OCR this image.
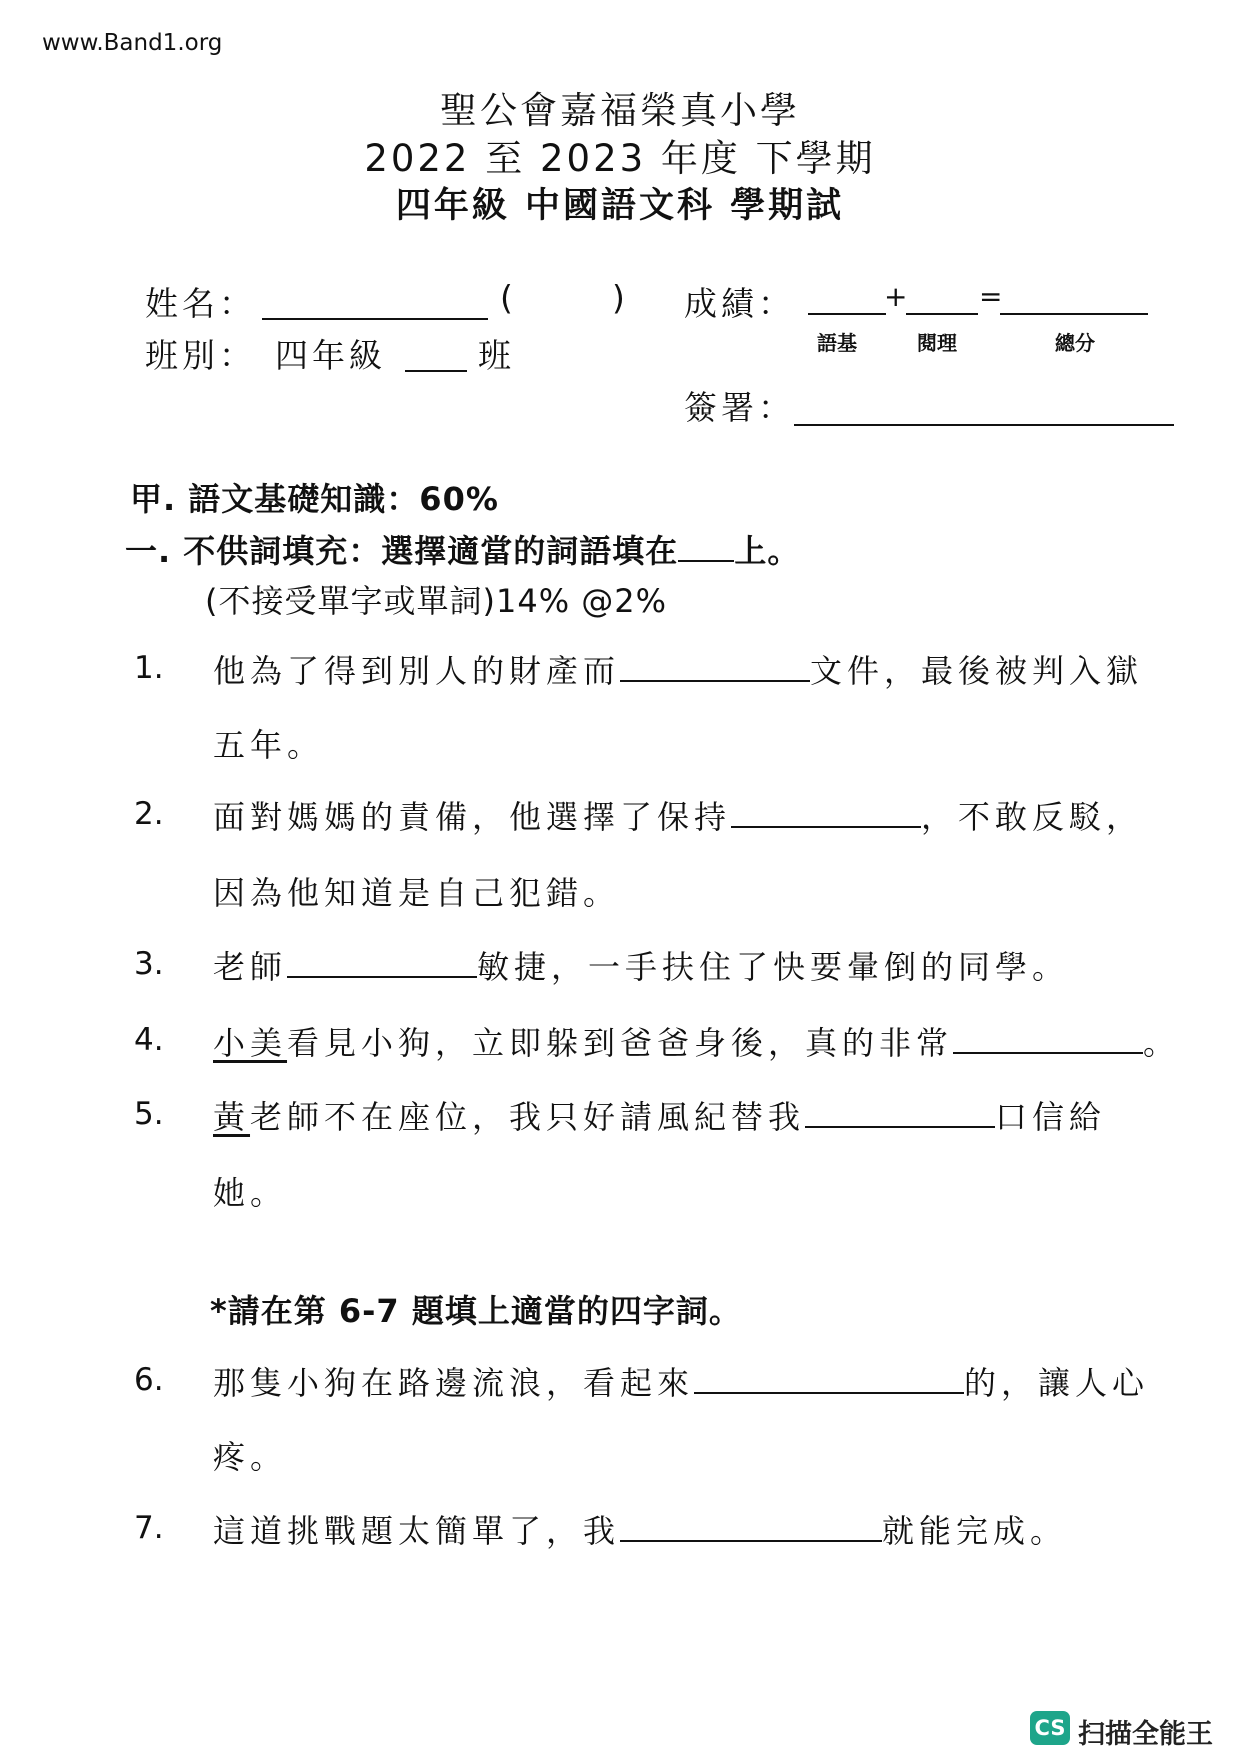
www.Band1.org
聖公會嘉福榮真小學
2022 至 2023 年度 下學期
四年級 中國語文科 學期試
姓名：	(	) 成績：	+	=
語基	閱理	總分
班別： 四年級	班
簽署：
甲. 語文基礎知識：60%
一. 不供詞填充：選擇適當的詞語填在 上。
(不接受單字或單詞)14% @2%
1. 他為了得到別人的財產而	文件，最後被判入獄
五年。
2. 面對媽媽的責備，他選擇了保持	，不敢反駁，
因為他知道是自己犯錯。
3. 老師	敏捷，一手扶住了快要暈倒的同學。
4. 小美看見小狗，立即躲到爸爸身後，真的非常	。
5. 黃老師不在座位，我只好請風紀替我	口信給
她。
*請在第 6-7 題填上適當的四字詞。
6. 那隻小狗在路邊流浪，看起來	的，讓人心
疼。
7. 這道挑戰題太簡單了，我	就能完成。
CS 扫描全能王
